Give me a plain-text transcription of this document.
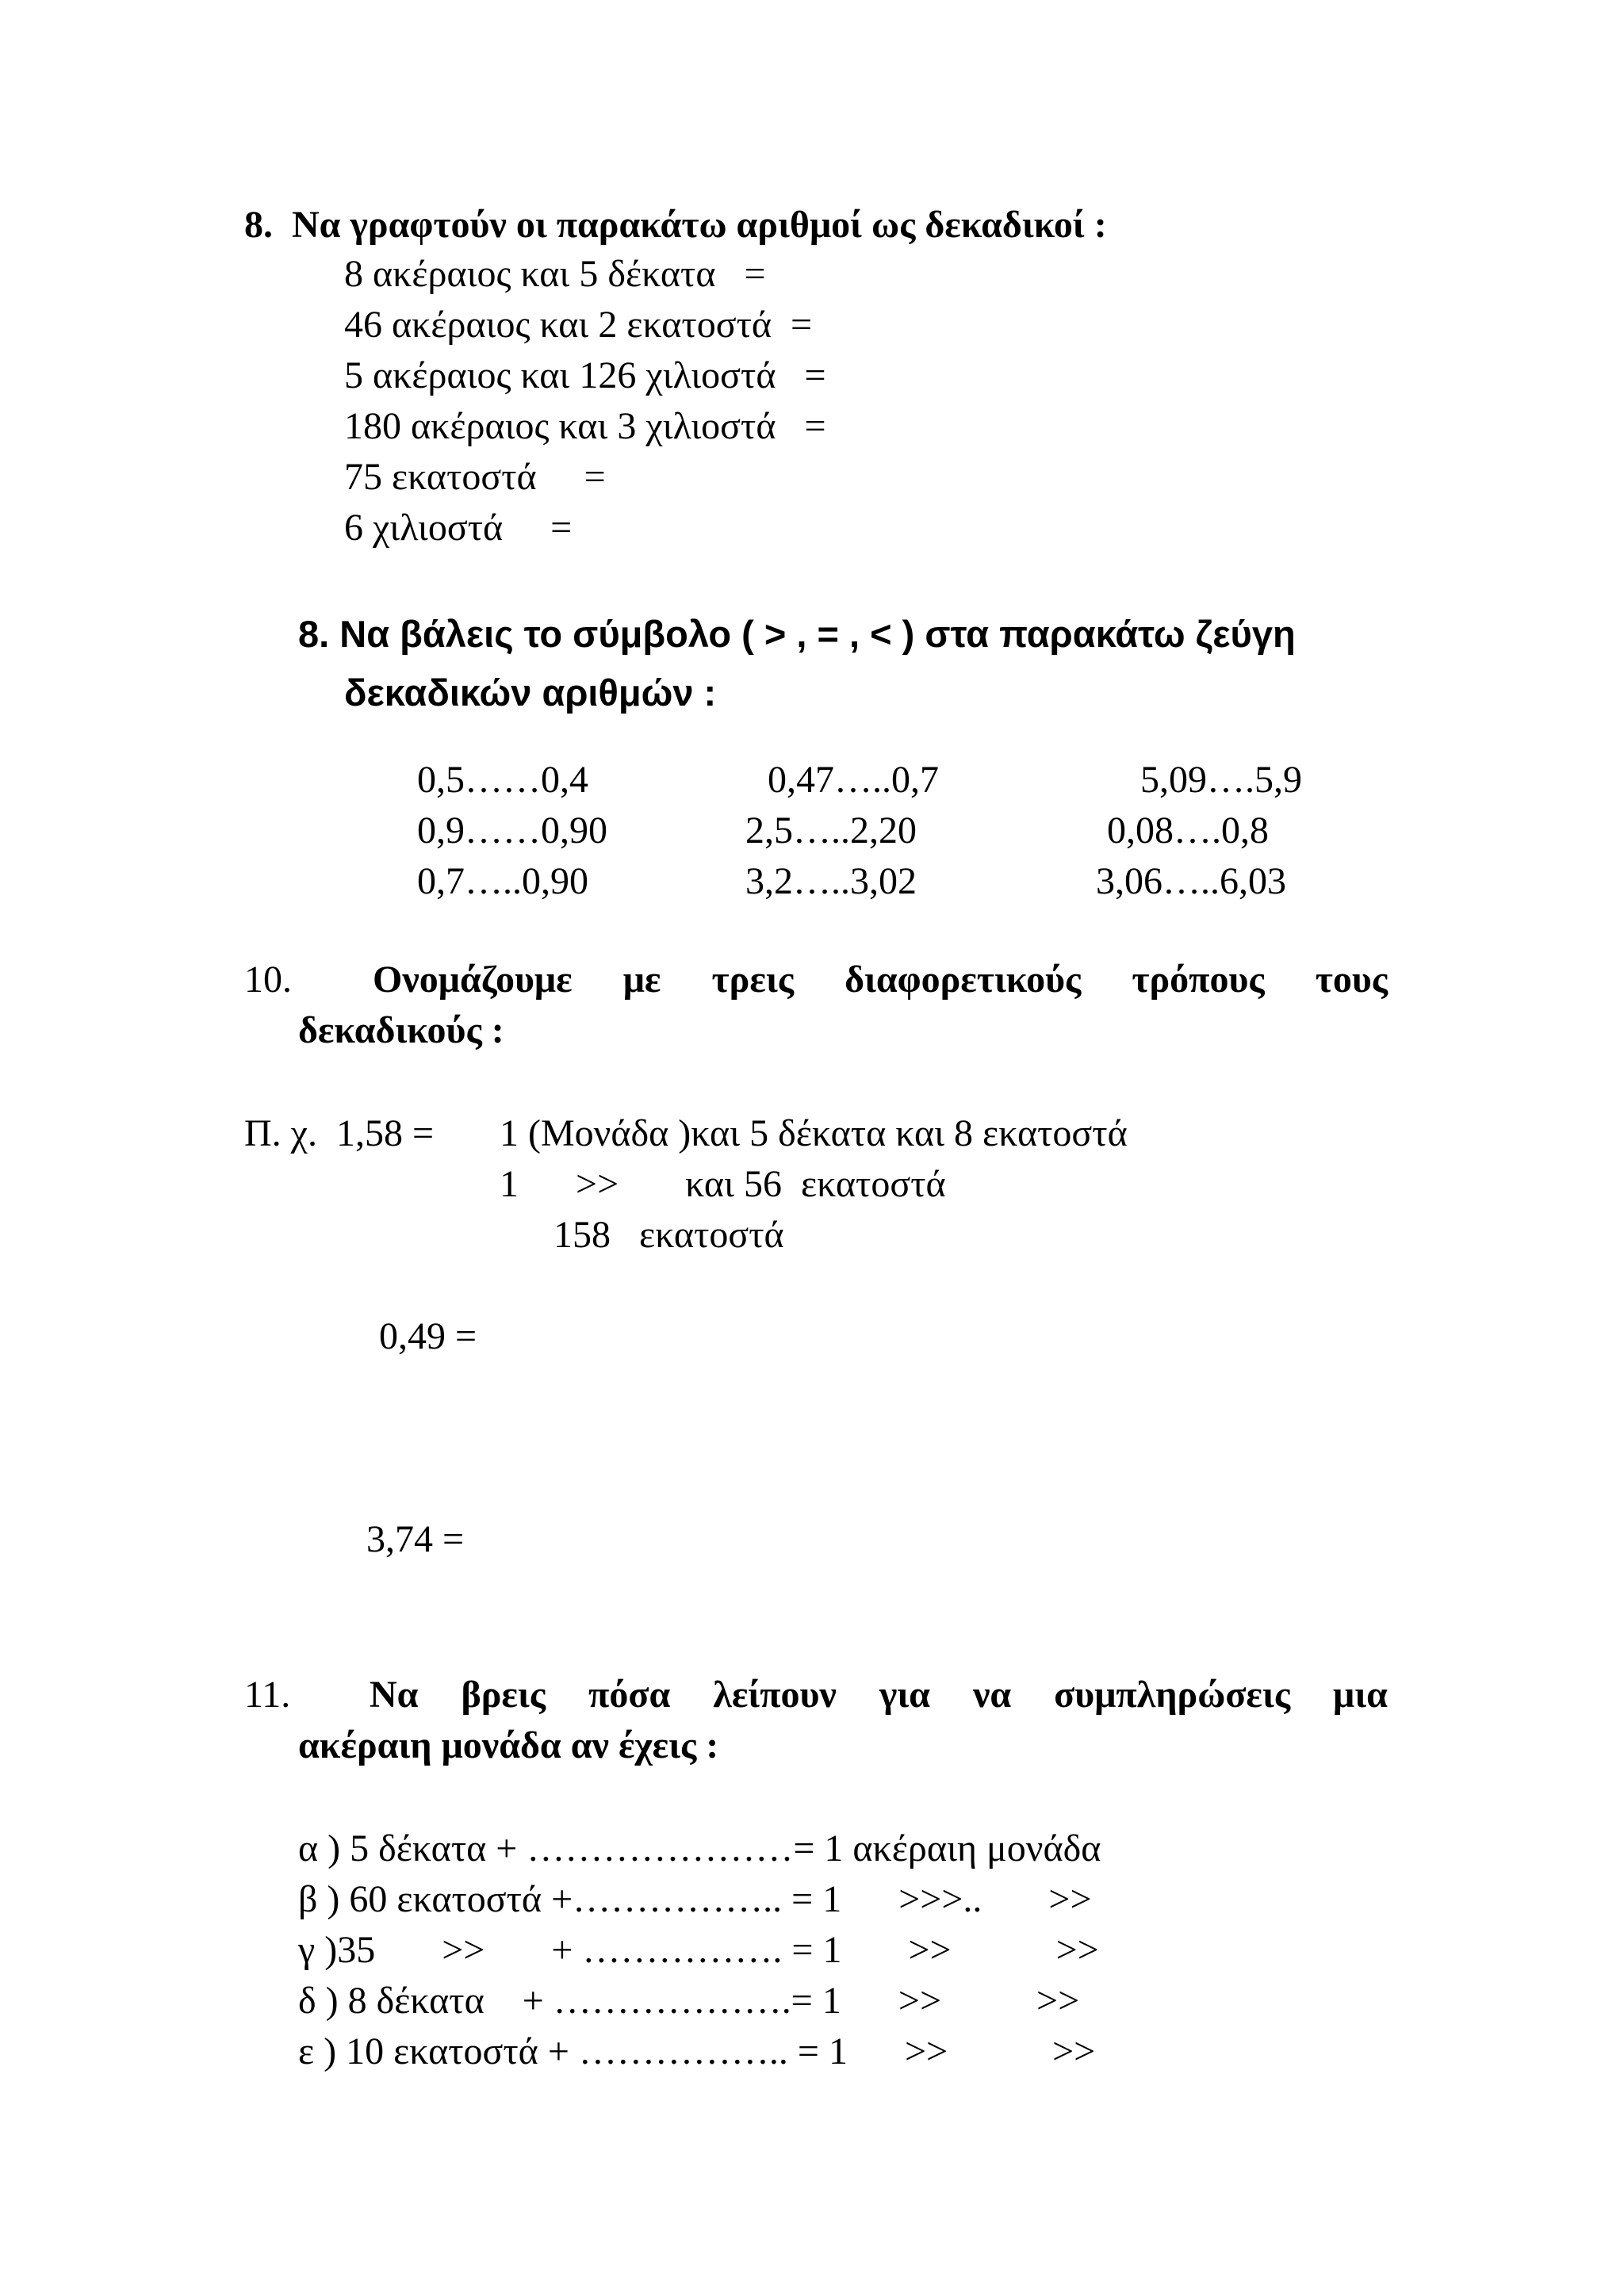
8. Να γραφτούν οι παρακάτω αριθμοί ως δεκαδικοί :
8 ακέραιος και 5 δέκατα   =
46 ακέραιος και 2 εκατοστά  =
5 ακέραιος και 126 χιλιοστά   =
180 ακέραιος και 3 χιλιοστά   =
75 εκατοστά     =
6 χιλιοστά     =
8. Να βάλεις το σύμβολο ( > , = , < ) στα παρακάτω ζεύγη
δεκαδικών αριθμών :
0,5……0,4	0,47…..0,7	5,09….5,9
0,9……0,90	2,5…..2,20	0,08….0,8
0,7…..0,90	3,2…..3,02	3,06…..6,03
10. Ονομάζουμε με τρεις διαφορετικούς τρόπους τους
δεκαδικούς :
Π. χ.  1,58 = 1 (Μονάδα )και 5 δέκατα και 8 εκατοστά
1      >>       και 56  εκατοστά
158   εκατοστά
0,49 =
3,74 =
11. Να βρεις πόσα λείπουν για να συμπληρώσεις μια
ακέραιη μονάδα αν έχεις :
α ) 5 δέκατα + …………………= 1 ακέραιη μονάδα
β ) 60 εκατοστά +…………….. = 1      >>>..       >>
γ )35       >>       + ……………. = 1       >>           >>
δ ) 8 δέκατα    + ……………….= 1      >>          >>
ε ) 10 εκατοστά + …………….. = 1      >>           >>
